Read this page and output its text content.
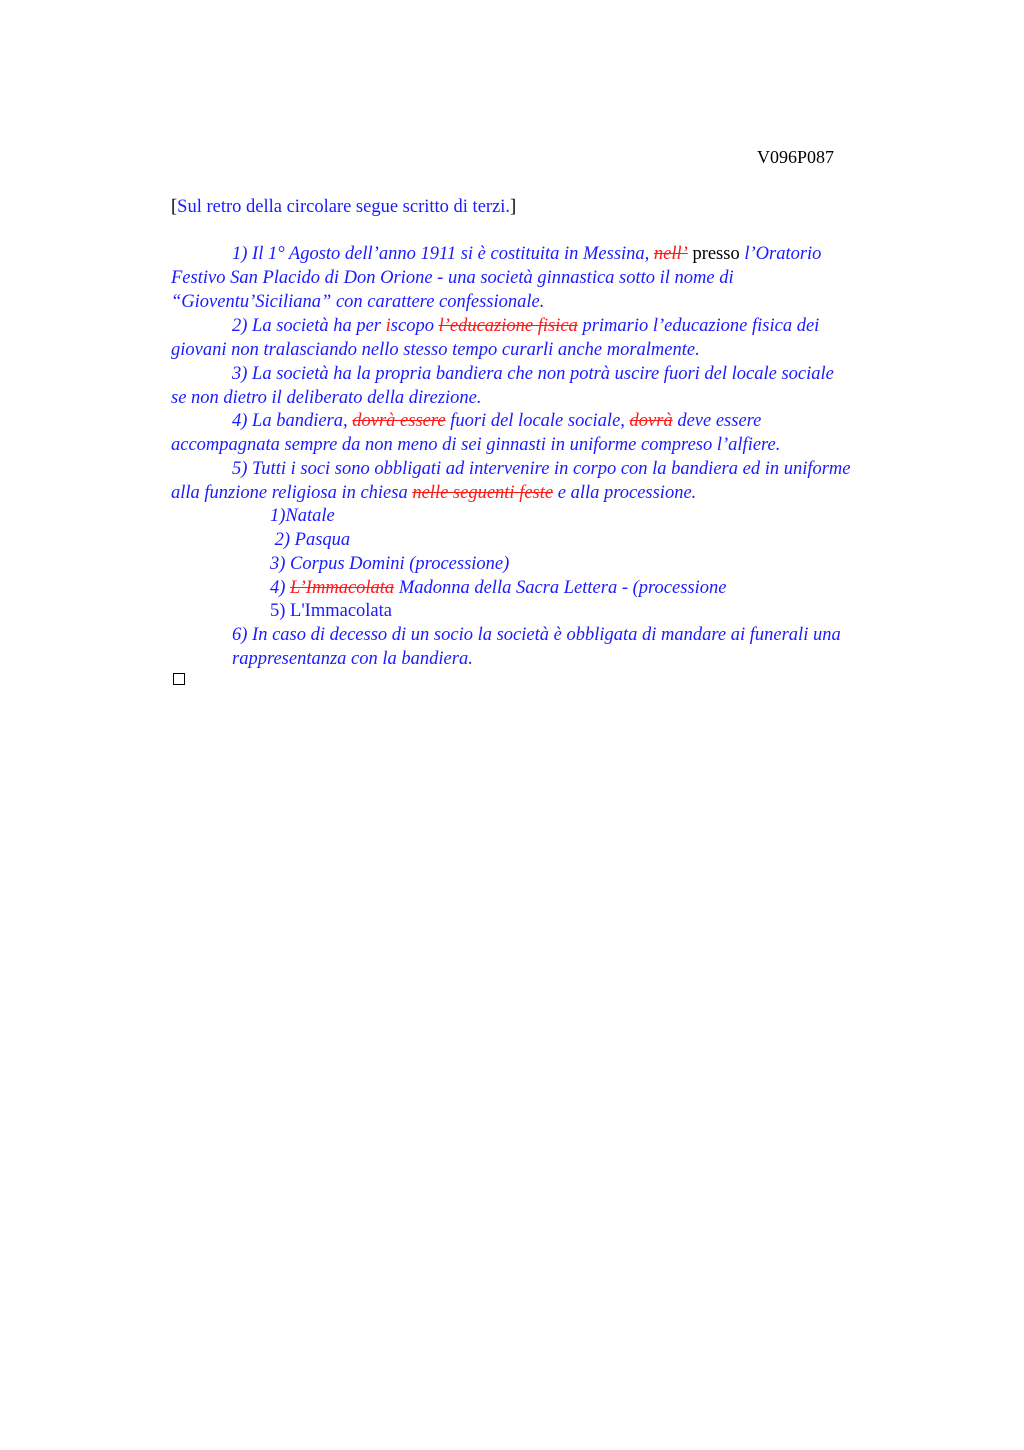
V096P087
[Sul retro della circolare segue scritto di terzi.]
1) Il 1° Agosto dell’anno 1911 si è costituita in Messina, nell’ presso l’Oratorio
Festivo San Placido di Don Orione - una società ginnastica sotto il nome di
“Gioventu’Siciliana” con carattere confessionale.
2) La società ha per iscopo l’educazione fisica primario l’educazione fisica dei
giovani non tralasciando nello stesso tempo curarli anche moralmente.
3) La società ha la propria bandiera che non potrà uscire fuori del locale sociale
se non dietro il deliberato della direzione.
4) La bandiera, dovrà essere fuori del locale sociale, dovrà deve essere
accompagnata sempre da non meno di sei ginnasti in uniforme compreso l’alfiere.
5) Tutti i soci sono obbligati ad intervenire in corpo con la bandiera ed in uniforme
alla funzione religiosa in chiesa nelle seguenti feste e alla processione.
1)Natale
2) Pasqua
3) Corpus Domini (processione)
4) L’Immacolata Madonna della Sacra Lettera - (processione
5) L'Immacolata
6) In caso di decesso di un socio la società è obbligata di mandare ai funerali una
rappresentanza con la bandiera.
